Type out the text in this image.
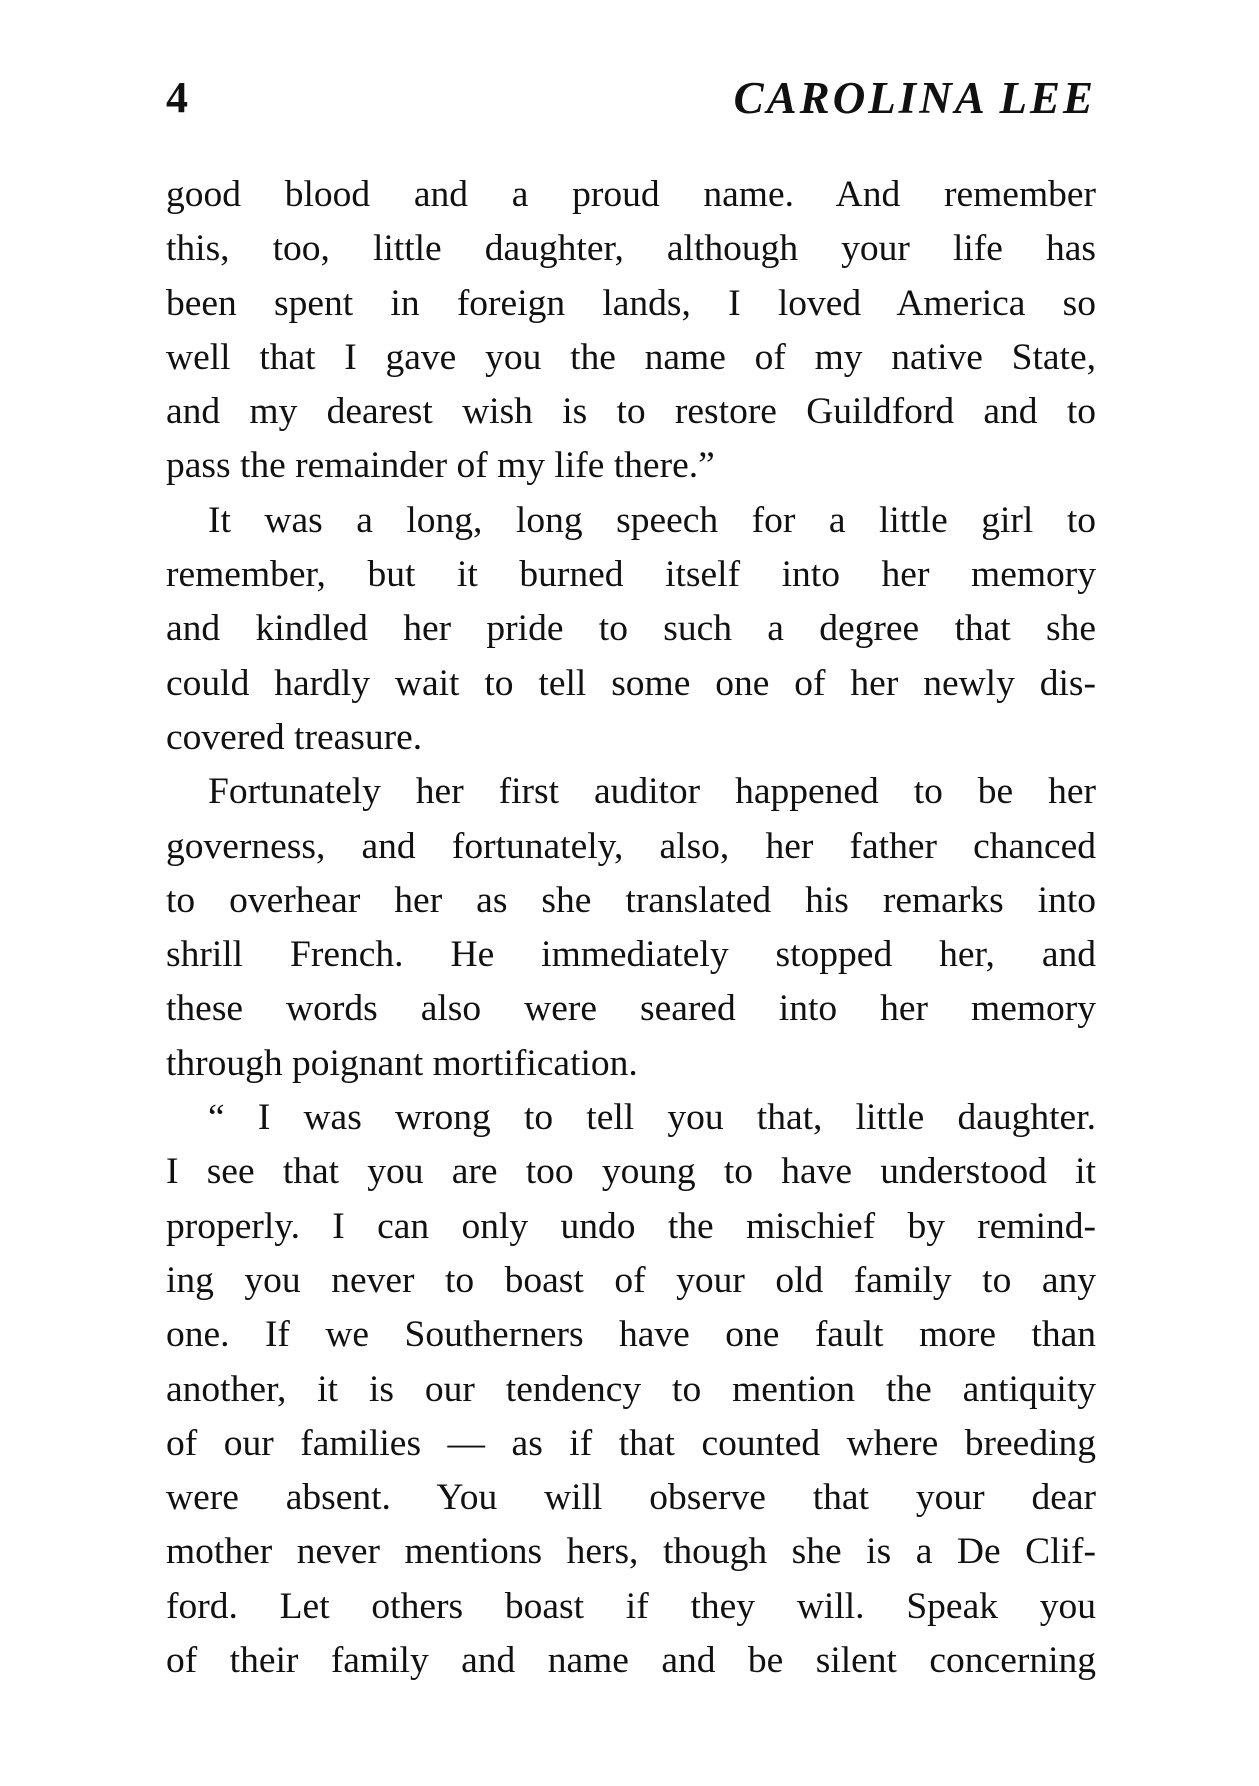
4	CAROLINA LEE
good blood and a proud name. And remember
this, too, little daughter, although your life has
been spent in foreign lands, I loved America so
well that I gave you the name of my native State,
and my dearest wish is to restore Guildford and to
pass the remainder of my life there.”
It was a long, long speech for a little girl to
remember, but it burned itself into her memory
and kindled her pride to such a degree that she
could hardly wait to tell some one of her newly dis-
covered treasure.
Fortunately her first auditor happened to be her
governess, and fortunately, also, her father chanced
to overhear her as she translated his remarks into
shrill French. He immediately stopped her, and
these words also were seared into her memory
through poignant mortification.
“ I was wrong to tell you that, little daughter.
I see that you are too young to have understood it
properly. I can only undo the mischief by remind-
ing you never to boast of your old family to any
one. If we Southerners have one fault more than
another, it is our tendency to mention the antiquity
of our families — as if that counted where breeding
were absent. You will observe that your dear
mother never mentions hers, though she is a De Clif-
ford. Let others boast if they will. Speak you
of their family and name and be silent concerning
